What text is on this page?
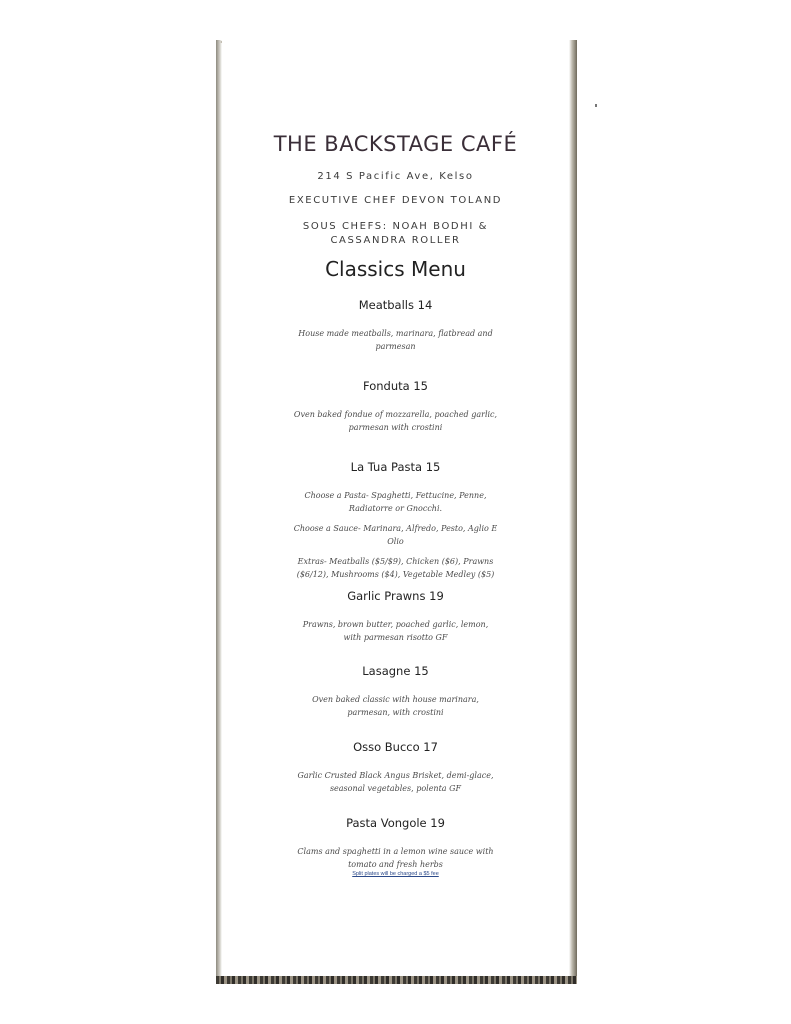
THE BACKSTAGE CAFÉ
214 S Pacific Ave, Kelso
EXECUTIVE CHEF DEVON TOLAND
SOUS CHEFS: NOAH BODHI &
CASSANDRA ROLLER
Classics Menu
Meatballs 14

House made meatballs, marinara, flatbread and parmesan

Fonduta 15

Oven baked fondue of mozzarella, poached garlic, parmesan with crostini

La Tua Pasta 15

Choose a Pasta- Spaghetti, Fettucine, Penne, Radiatorre or Gnocchi.

Choose a Sauce- Marinara, Alfredo, Pesto, Aglio E Olio

Extras- Meatballs ($5/$9), Chicken ($6), Prawns ($6/12), Mushrooms ($4), Vegetable Medley ($5)

Garlic Prawns 19

Prawns, brown butter, poached garlic, lemon, with parmesan risotto GF

Lasagne 15

Oven baked classic with house marinara, parmesan, with crostini

Osso Bucco 17

Garlic Crusted Black Angus Brisket, demi-glace, seasonal vegetables, polenta GF

Pasta Vongole 19

Clams and spaghetti in a lemon wine sauce with tomato and fresh herbs

Split plates will be charged a $5 fee
